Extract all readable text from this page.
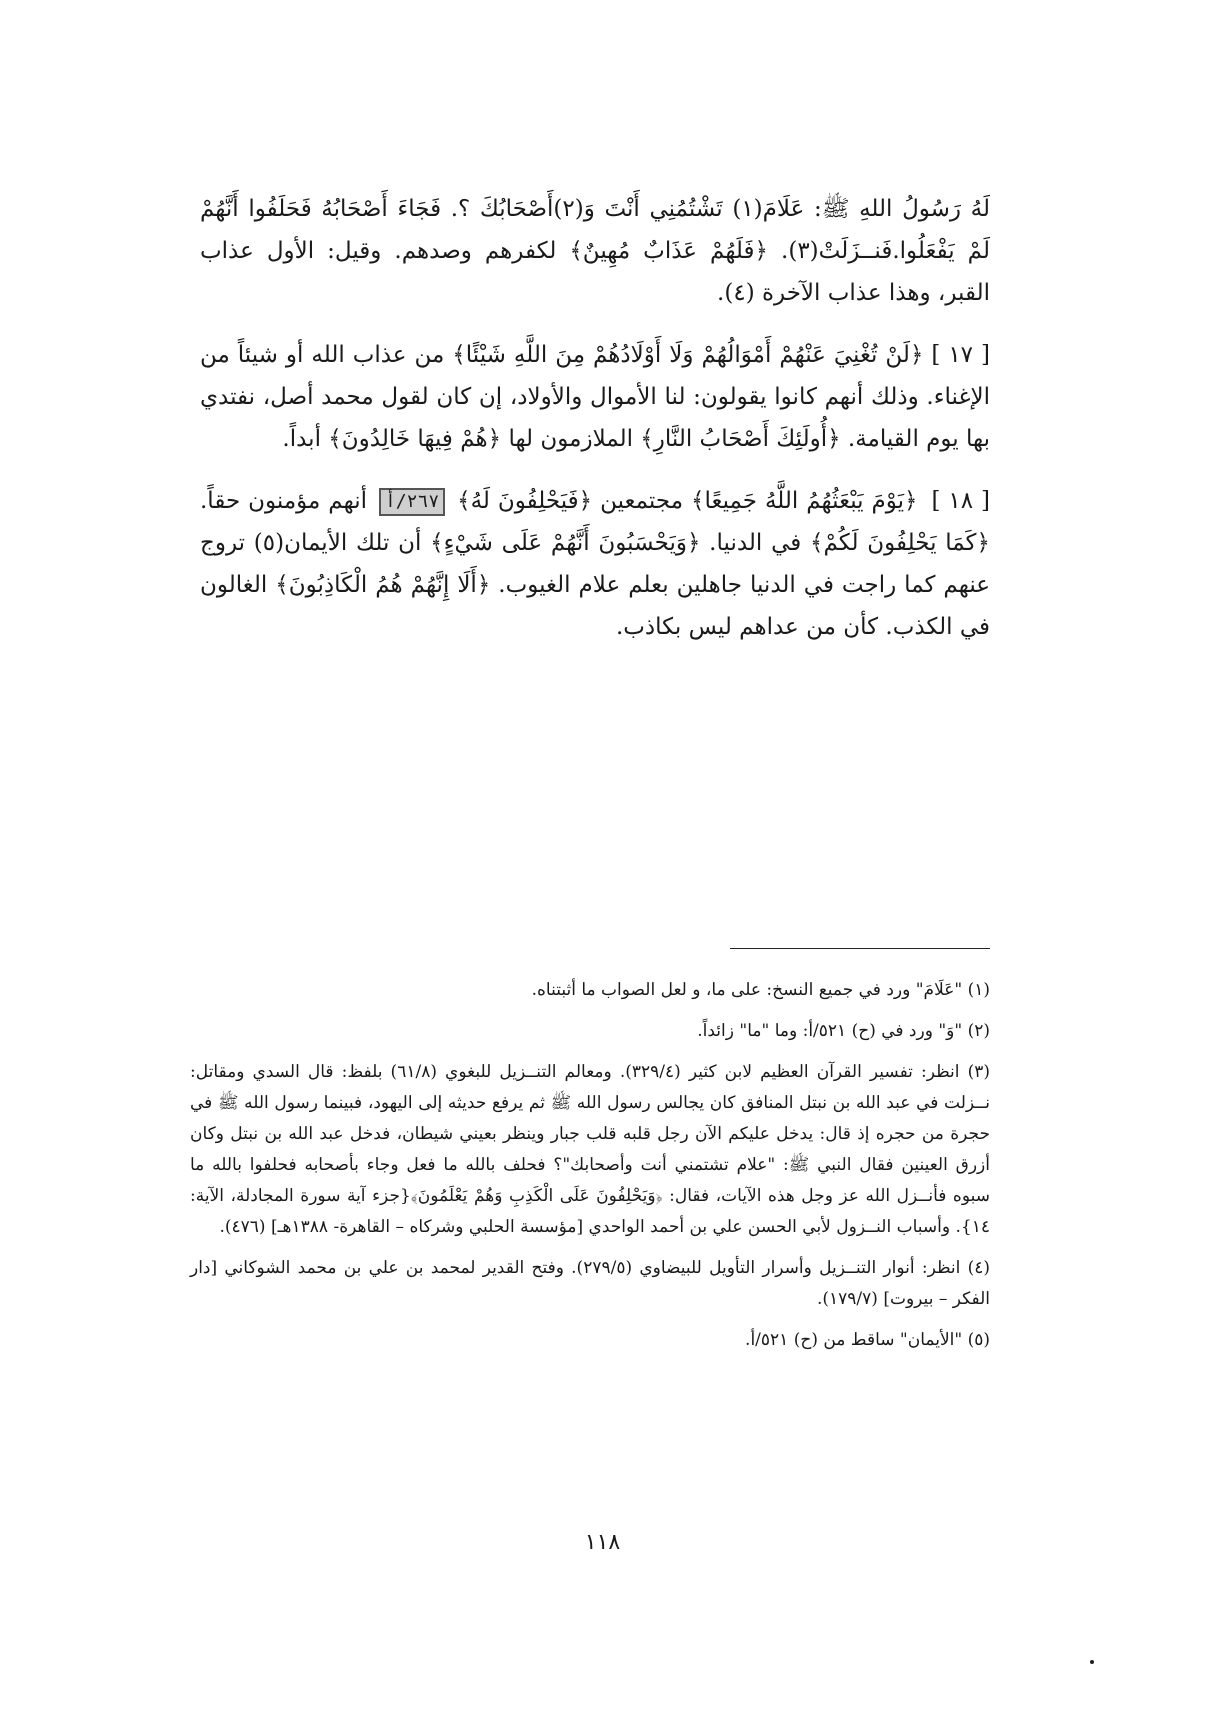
لَهُ رَسُولُ اللهِ ﷺ: عَلَامَ(١) تَشْتُمُنِي أَنْتَ وَ(٢)أَصْحَابُكَ ؟. فَجَاءَ أَصْحَابُهُ فَحَلَفُوا أَنَّهُمْ لَمْ يَفْعَلُوا.فَنــزَلَتْ(٣). ﴿فَلَهُمْ عَذَابٌ مُهِينٌ﴾ لكفرهم وصدهم. وقيل: الأول عذاب القبر، وهذا عذاب الآخرة (٤).

[ ١٧ ] ﴿لَنْ تُغْنِيَ عَنْهُمْ أَمْوَالُهُمْ وَلَا أَوْلَادُهُمْ مِنَ اللَّهِ شَيْئًا﴾ من عذاب الله أو شيئاً من الإغناء. وذلك أنهم كانوا يقولون: لنا الأموال والأولاد، إن كان لقول محمد أصل، نفتدي بها يوم القيامة. ﴿أُولَئِكَ أَصْحَابُ النَّارِ﴾ الملازمون لها ﴿هُمْ فِيهَا خَالِدُونَ﴾ أبداً.

[ ١٨ ] ﴿يَوْمَ يَبْعَثُهُمُ اللَّهُ جَمِيعًا﴾ مجتمعين ﴿فَيَحْلِفُونَ لَهُ﴾ ٢٦٧/أ أنهم مؤمنون حقاً. ﴿كَمَا يَحْلِفُونَ لَكُمْ﴾ في الدنيا. ﴿وَيَحْسَبُونَ أَنَّهُمْ عَلَى شَيْءٍ﴾ أن تلك الأيمان(٥) تروج عنهم كما راجت في الدنيا جاهلين بعلم علام الغيوب. ﴿أَلَا إِنَّهُمْ هُمُ الْكَاذِبُونَ﴾ الغالون في الكذب. كأن من عداهم ليس بكاذب.

(١) "عَلَامَ" ورد في جميع النسخ: على ما، و لعل الصواب ما أثبتناه.

(٢) "وَ" ورد في (ح) ٥٢١/أ: وما "ما" زائداً.

(٣) انظر: تفسير القرآن العظيم لابن كثير (٣٢٩/٤). ومعالم التنــزيل للبغوي (٦١/٨) بلفظ: قال السدي ومقاتل: نــزلت في عبد الله بن نبتل المنافق كان يجالس رسول الله ﷺ ثم يرفع حديثه إلى اليهود، فبينما رسول الله ﷺ في حجرة من حجره إذ قال: يدخل عليكم الآن رجل قلبه قلب جبار وينظر بعيني شيطان، فدخل عبد الله بن نبتل وكان أزرق العينين فقال النبي ﷺ: "علام تشتمني أنت وأصحابك"؟ فحلف بالله ما فعل وجاء بأصحابه فحلفوا بالله ما سبوه فأنــزل الله عز وجل هذه الآيات، فقال: ﴿وَيَحْلِفُونَ عَلَى الْكَذِبِ وَهُمْ يَعْلَمُونَ﴾{جزء آية سورة المجادلة، الآية: ١٤}. وأسباب النــزول لأبي الحسن علي بن أحمد الواحدي [مؤسسة الحلبي وشركاه – القاهرة- ١٣٨٨هـ] (٤٧٦).

(٤) انظر: أنوار التنــزيل وأسرار التأويل للبيضاوي (٢٧٩/٥). وفتح القدير لمحمد بن علي بن محمد الشوكاني [دار الفكر – بيروت] (١٧٩/٧).

(٥) "الأيمان" ساقط من (ح) ٥٢١/أ.

١١٨
